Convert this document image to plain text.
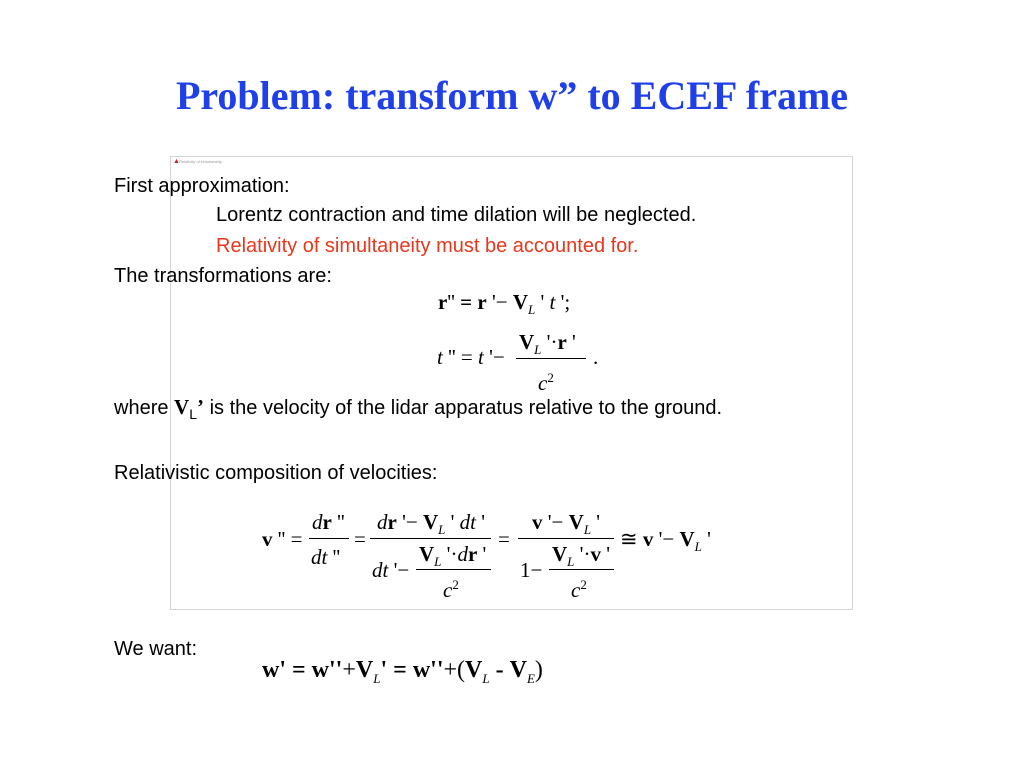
Problem: transform w” to ECEF frame
▲ Relativity of simultaneity
First approximation:
Lorentz contraction and time dilation will be neglected.
Relativity of simultaneity must be accounted for.
The transformations are:
r'' = r '− $V_L$ ' t ';
t '' = t '−
$V_L$ '·r '
$c^2$
.
where $V_L$’ is the velocity of the lidar apparatus relative to the ground.
Relativistic composition of velocities:
v '' =
dr ''
dt ''
=
dr '− $V_L$ ' dt '
dt '−
$V_L$ '·dr '
$c^2$
=
v '− $V_L$ '
1−
$V_L$ '·v '
$c^2$
≅ v '− $V_L$ '
We want:
$w' = w''+V_L' = w''+(V_L - V_E)$
